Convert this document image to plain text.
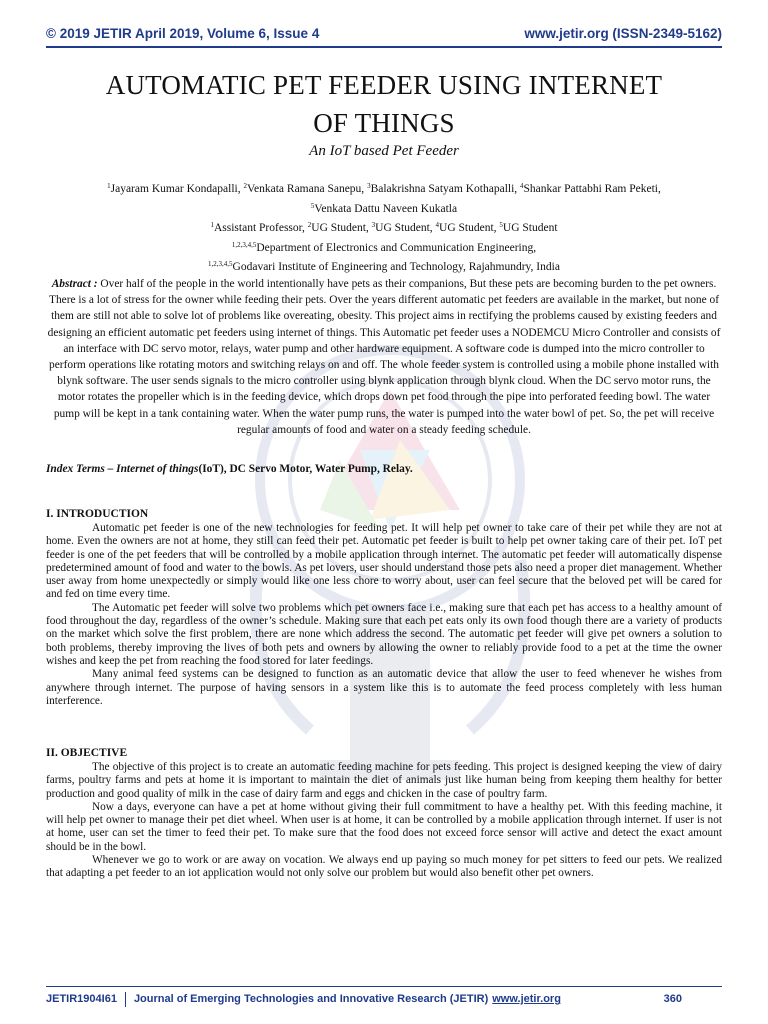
© 2019 JETIR April 2019, Volume 6, Issue 4	www.jetir.org (ISSN-2349-5162)
AUTOMATIC PET FEEDER USING INTERNET
OF THINGS
An IoT based Pet Feeder
$^1$Jayaram Kumar Kondapalli, $^2$Venkata Ramana Sanepu, $^3$Balakrishna Satyam Kothapalli, $^4$Shankar Pattabhi Ram Peketi,
$^5$Venkata Dattu Naveen Kukatla
$^1$Assistant Professor, $^2$UG Student, $^3$UG Student, $^4$UG Student, $^5$UG Student
$^{1,2,3,4,5}$Department of Electronics and Communication Engineering,
$^{1,2,3,4,5}$Godavari Institute of Engineering and Technology, Rajahmundry, India
Abstract : Over half of the people in the world intentionally have pets as their companions, But these pets are becoming burden to the pet owners. There is a lot of stress for the owner while feeding their pets. Over the years different automatic pet feeders are available in the market, but none of them are still not able to solve lot of problems like overeating, obesity. This project aims in rectifying the problems caused by existing feeders and designing an efficient automatic pet feeders using internet of things. This Automatic pet feeder uses a NODEMCU Micro Controller and consists of an interface with DC servo motor, relays, water pump and other hardware equipment. A software code is dumped into the micro controller to perform operations like rotating motors and switching relays on and off. The whole feeder system is controlled using a mobile phone installed with blynk software. The user sends signals to the micro controller using blynk application through blynk cloud. When the DC servo motor runs, the motor rotates the propeller which is in the feeding device, which drops down pet food through the pipe into perforated feeding bowl. The water pump will be kept in a tank containing water. When the water pump runs, the water is pumped into the water bowl of pet. So, the pet will receive regular amounts of food and water on a steady feeding schedule.
Index Terms – Internet of things(IoT), DC Servo Motor, Water Pump, Relay.
I. INTRODUCTION

Automatic pet feeder is one of the new technologies for feeding pet. It will help pet owner to take care of their pet while they are not at home. Even the owners are not at home, they still can feed their pet. Automatic pet feeder is built to help pet owner taking care of their pet. IoT pet feeder is one of the pet feeders that will be controlled by a mobile application through internet. The automatic pet feeder will automatically dispense predetermined amount of food and water to the bowls. As pet lovers, user should understand those pets also need a proper diet management. Whether user away from home unexpectedly or simply would like one less chore to worry about, user can feel secure that the beloved pet will be cared for and fed on time every time.

The Automatic pet feeder will solve two problems which pet owners face i.e., making sure that each pet has access to a healthy amount of food throughout the day, regardless of the owner’s schedule. Making sure that each pet eats only its own food though there are a variety of products on the market which solve the first problem, there are none which address the second. The automatic pet feeder will give pet owners a solution to both problems, thereby improving the lives of both pets and owners by allowing the owner to reliably provide food to a pet at the time the owner wishes and keep the pet from reaching the food stored for later feedings.

Many animal feed systems can be designed to function as an automatic device that allow the user to feed whenever he wishes from anywhere through internet. The purpose of having sensors in a system like this is to automate the feed process completely with less human interference.

II. OBJECTIVE

The objective of this project is to create an automatic feeding machine for pets feeding. This project is designed keeping the view of dairy farms, poultry farms and pets at home it is important to maintain the diet of animals just like human being from keeping them healthy for better production and good quality of milk in the case of dairy farm and eggs and chicken in the case of poultry farm.

Now a days, everyone can have a pet at home without giving their full commitment to have a healthy pet. With this feeding machine, it will help pet owner to manage their pet diet wheel. When user is at home, it can be controlled by a mobile application through internet. If user is not at home, user can set the timer to feed their pet. To make sure that the food does not exceed force sensor will active and detect the exact amount should be in the bowl.

Whenever we go to work or are away on vocation. We always end up paying so much money for pet sitters to feed our pets. We realized that adapting a pet feeder to an iot application would not only solve our problem but would also benefit other pet owners.

JETIR1904I61 Journal of Emerging Technologies and Innovative Research (JETIR) www.jetir.org	360
